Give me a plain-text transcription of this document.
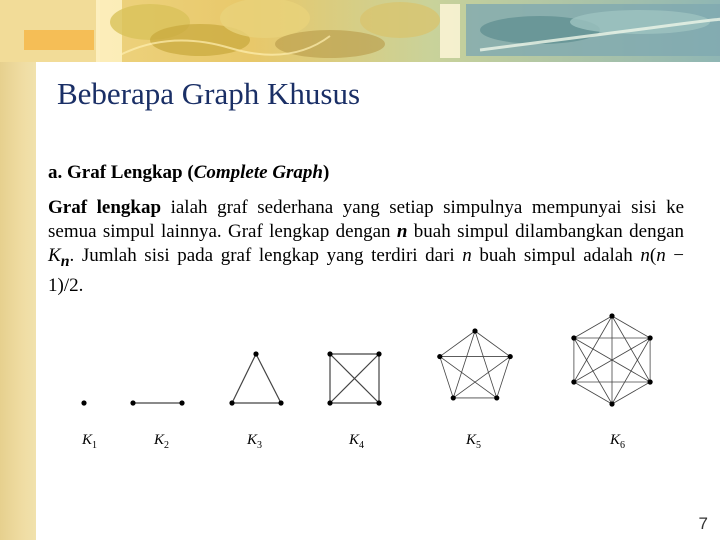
Beberapa Graph Khusus
a. Graf Lengkap (Complete Graph)
Graf lengkap ialah graf sederhana yang setiap simpulnya mempunyai sisi ke semua simpul lainnya. Graf lengkap dengan n buah simpul dilambangkan dengan $K_n$. Jumlah sisi pada graf lengkap yang terdiri dari n buah simpul adalah n(n − 1)/2.
$K_1$	$K_2$	$K_3$	$K_4$	$K_5$	$K_6$
7
